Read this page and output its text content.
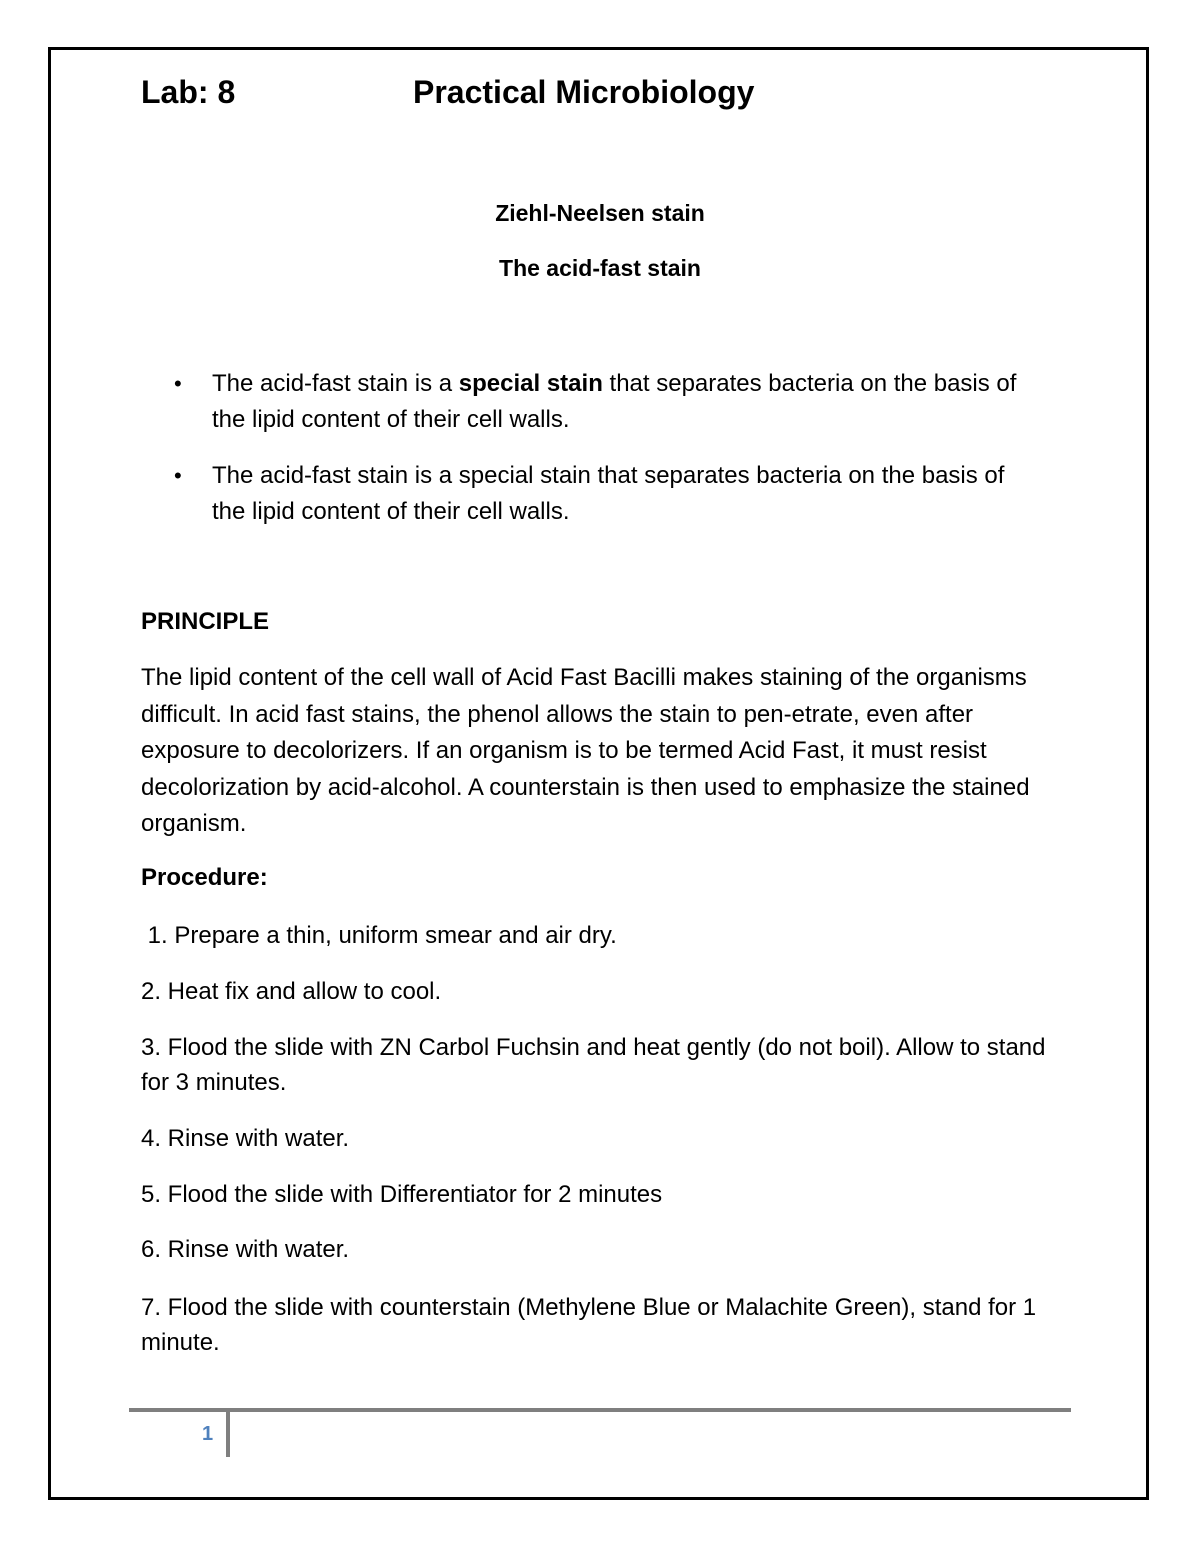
Lab: 8	Practical Microbiology
Ziehl-Neelsen stain
The acid-fast stain
• The acid-fast stain is a special stain that separates bacteria on the basis of the lipid content of their cell walls.
• The acid-fast stain is a special stain that separates bacteria on the basis of the lipid content of their cell walls.
PRINCIPLE

The lipid content of the cell wall of Acid Fast Bacilli makes staining of the organisms difficult. In acid fast stains, the phenol allows the stain to pen-etrate, even after exposure to decolorizers. If an organism is to be termed Acid Fast, it must resist decolorization by acid-alcohol. A counterstain is then used to emphasize the stained organism.

Procedure:

1. Prepare a thin, uniform smear and air dry.

2. Heat fix and allow to cool.

3. Flood the slide with ZN Carbol Fuchsin and heat gently (do not boil). Allow to stand for 3 minutes.

4. Rinse with water.

5. Flood the slide with Differentiator for 2 minutes

6. Rinse with water.

7. Flood the slide with counterstain (Methylene Blue or Malachite Green), stand for 1 minute.

1
